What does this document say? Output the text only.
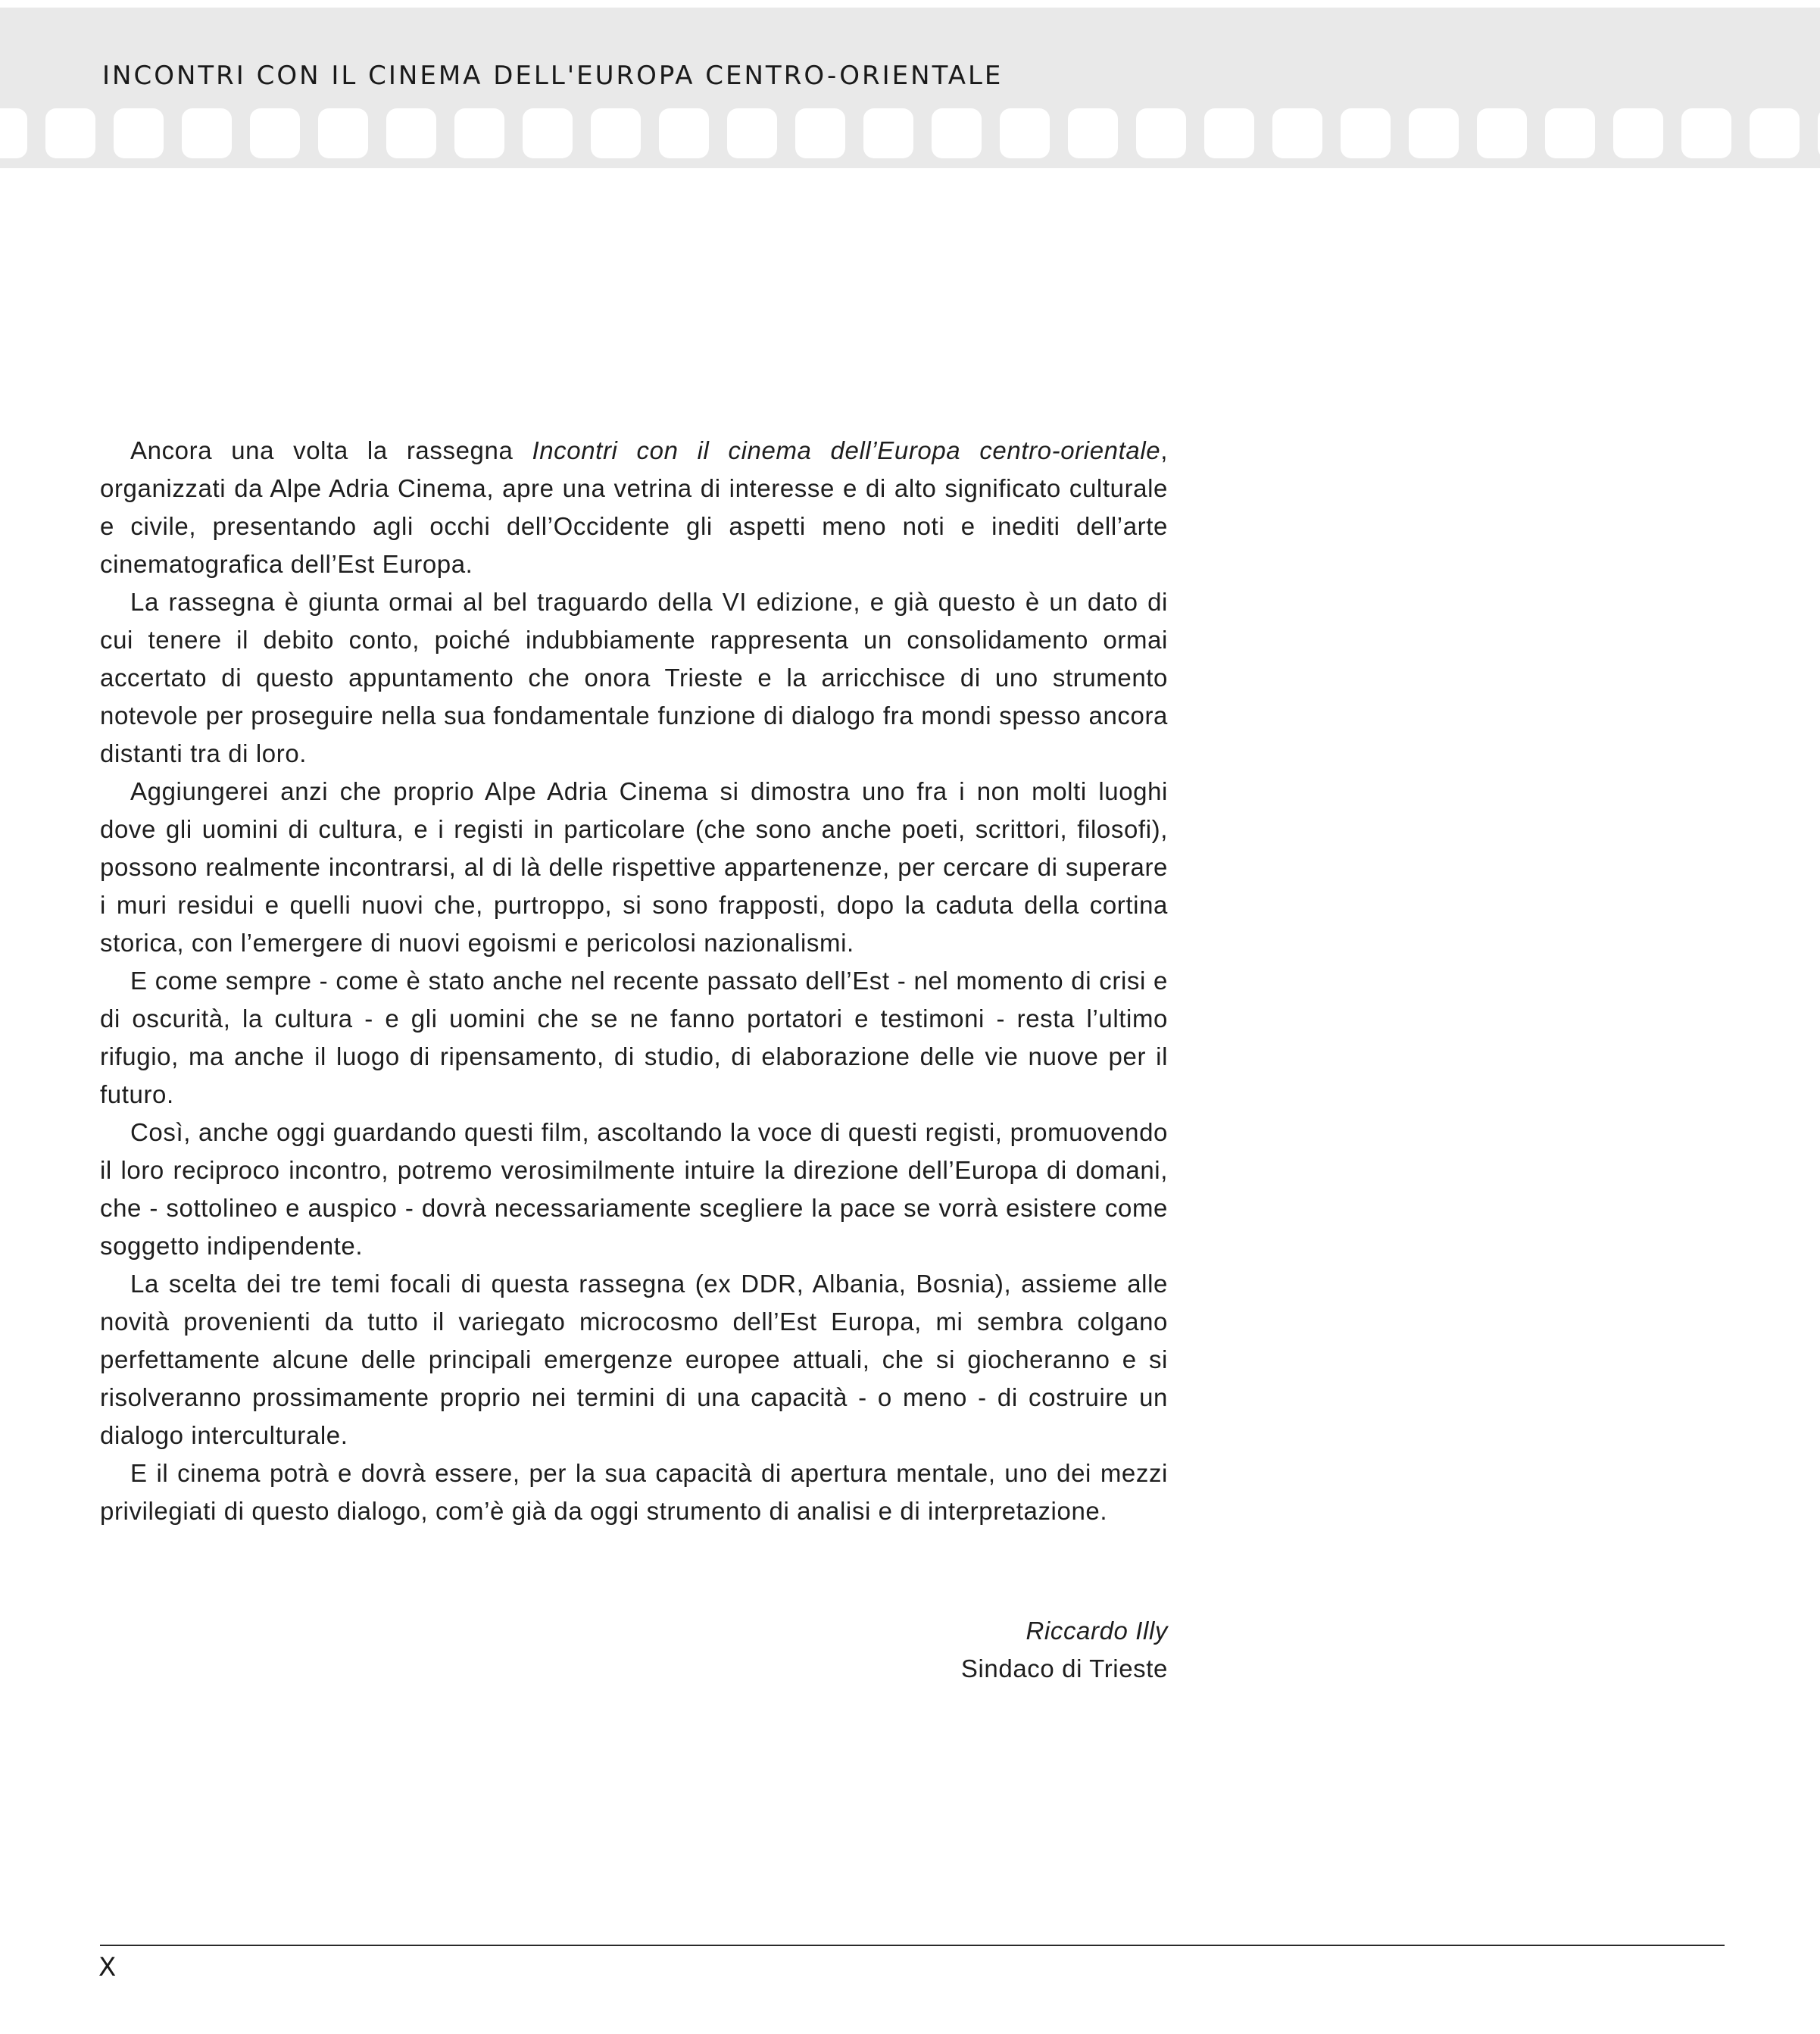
INCONTRI CON IL CINEMA DELL'EUROPA CENTRO-ORIENTALE

Ancora una volta la rassegna Incontri con il cinema dell’Europa centro-orientale, organizzati da Alpe Adria Cinema, apre una vetrina di interesse e di alto significato culturale e civile, presentando agli occhi dell’Occidente gli aspetti meno noti e inediti dell’arte cinematografica dell’Est Europa.

La rassegna è giunta ormai al bel traguardo della VI edizione, e già questo è un dato di cui tenere il debito conto, poiché indubbiamente rappresenta un consolidamento ormai accertato di questo appuntamento che onora Trieste e la arricchisce di uno strumento notevole per proseguire nella sua fondamentale funzione di dialogo fra mondi spesso ancora distanti tra di loro.

Aggiungerei anzi che proprio Alpe Adria Cinema si dimostra uno fra i non molti luoghi dove gli uomini di cultura, e i registi in particolare (che sono anche poeti, scrittori, filosofi), possono realmente incontrarsi, al di là delle rispettive appartenenze, per cercare di superare i muri residui e quelli nuovi che, purtroppo, si sono frapposti, dopo la caduta della cortina storica, con l’emergere di nuovi egoismi e pericolosi nazionalismi.

E come sempre - come è stato anche nel recente passato dell’Est - nel momento di crisi e di oscurità, la cultura - e gli uomini che se ne fanno portatori e testimoni - resta l’ultimo rifugio, ma anche il luogo di ripensamento, di studio, di elaborazione delle vie nuove per il futuro.

Così, anche oggi guardando questi film, ascoltando la voce di questi registi, promuovendo il loro reciproco incontro, potremo verosimilmente intuire la direzione dell’Europa di domani, che - sottolineo e auspico - dovrà necessariamente scegliere la pace se vorrà esistere come soggetto indipendente.

La scelta dei tre temi focali di questa rassegna (ex DDR, Albania, Bosnia), assieme alle novità provenienti da tutto il variegato microcosmo dell’Est Europa, mi sembra colgano perfettamente alcune delle principali emergenze europee attuali, che si giocheranno e si risolveranno prossimamente proprio nei termini di una capacità - o meno - di costruire un dialogo interculturale.

E il cinema potrà e dovrà essere, per la sua capacità di apertura mentale, uno dei mezzi privilegiati di questo dialogo, com’è già da oggi strumento di analisi e di interpretazione.

Riccardo Illy
Sindaco di Trieste
X
